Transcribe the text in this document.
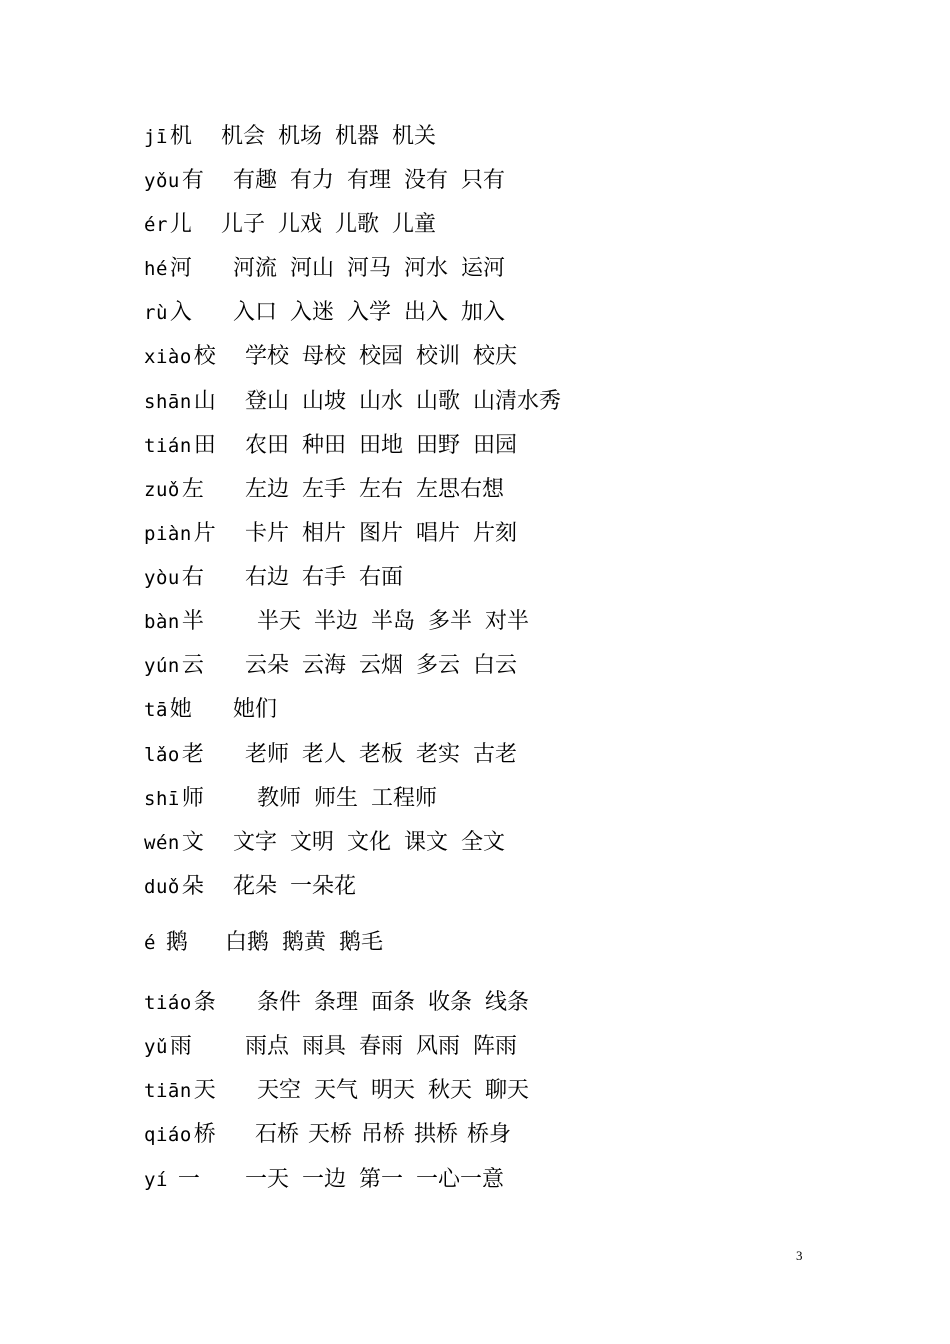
jī机 机会 机场 机器 机关
yǒu有 有趣 有力 有理 没有 只有
ér儿 儿子 儿戏 儿歌 儿童
hé河 河流 河山 河马 河水 运河
rù入 入口 入迷 入学 出入 加入
xiào校 学校 母校 校园 校训 校庆
shān山 登山 山坡 山水 山歌 山清水秀
tián田 农田 种田 田地 田野 田园
zuǒ左 左边 左手 左右 左思右想
piàn片 卡片 相片 图片 唱片 片刻
yòu右 右边 右手 右面
bàn半 半天 半边 半岛 多半 对半
yún云 云朵 云海 云烟 多云 白云
tā她 她们
lǎo老 老师 老人 老板 老实 古老
shī师 教师 师生 工程师
wén文 文字 文明 文化 课文 全文
duǒ朵 花朵 一朵花
é 鹅 白鹅 鹅黄 鹅毛
tiáo条 条件 条理 面条 收条 线条
yǔ雨 雨点 雨具 春雨 风雨 阵雨
tiān天 天空 天气 明天 秋天 聊天
qiáo桥 石桥 天桥 吊桥 拱桥 桥身
yí 一 一天 一边 第一 一心一意
3
